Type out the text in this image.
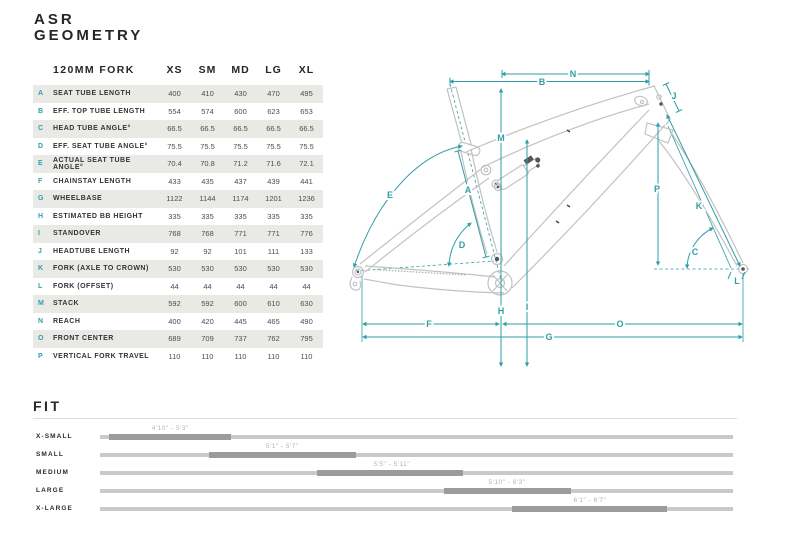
ASR
GEOMETRY
120MM FORK	XS	SM	MD	LG	XL
A	SEAT TUBE LENGTH	400	410	430	470	495
B	EFF. TOP TUBE LENGTH	554	574	600	623	653
C	HEAD TUBE ANGLE°	66.5	66.5	66.5	66.5	66.5
D	EFF. SEAT TUBE ANGLE°	75.5	75.5	75.5	75.5	75.5
E	ACTUAL SEAT TUBE ANGLE°	70.4	70.8	71.2	71.6	72.1
F	CHAINSTAY LENGTH	433	435	437	439	441
G	WHEELBASE	1122	1144	1174	1201	1236
H	ESTIMATED BB HEIGHT	335	335	335	335	335
I	STANDOVER	768	768	771	771	776
J	HEADTUBE LENGTH	92	92	101	111	133
K	FORK (AXLE TO CROWN)	530	530	530	530	530
L	FORK (OFFSET)	44	44	44	44	44
M	STACK	592	592	600	610	630
N	REACH	400	420	445	465	490
O	FRONT CENTER	689	709	737	762	795
P	VERTICAL FORK TRAVEL	110	110	110	110	110
A
B
C
D
E
F
G
H I
J
K
L
M
N
O
P
FIT
X-SMALL
4'10" - 5'3"
SMALL
5'1" - 5'7"
MEDIUM
5'5" - 5'11"
LARGE
5'10" - 6'3"
X-LARGE
6'1" - 6'7"
